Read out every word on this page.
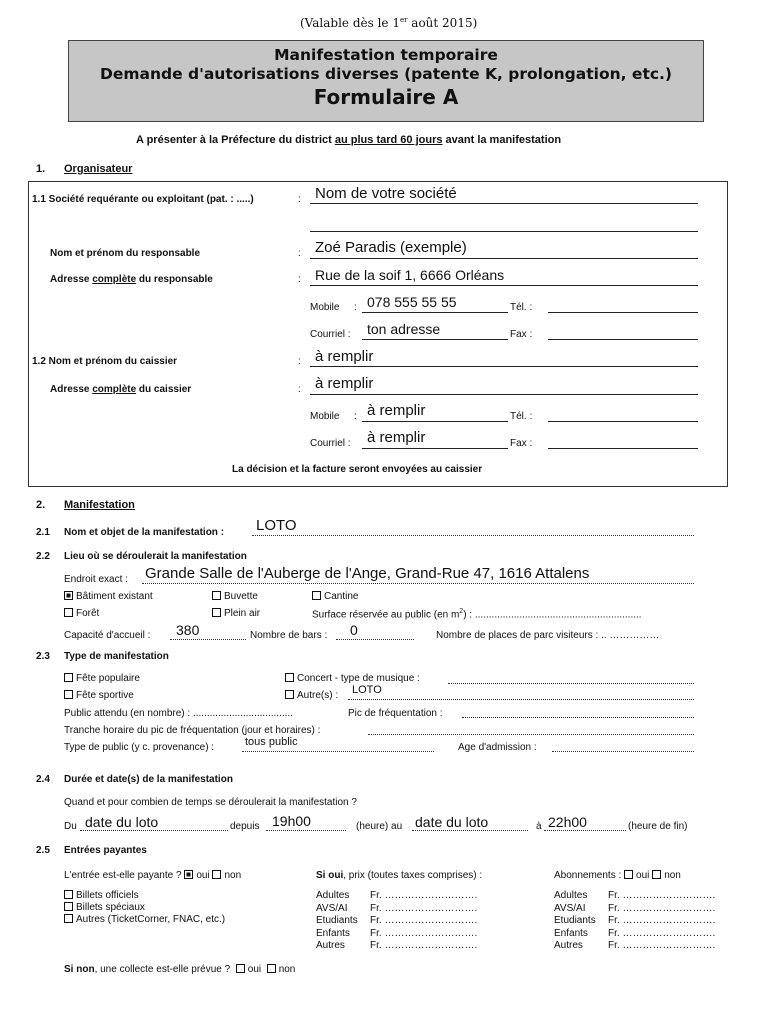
(Valable dès le 1er août 2015)
Manifestation temporaire
Demande d'autorisations diverses (patente K, prolongation, etc.)
Formulaire A
A présenter à la Préfecture du district au plus tard 60 jours avant la manifestation
1. Organisateur
1.1 Société requérante ou exploitant (pat. : .....)	: Nom de votre société
Nom et prénom du responsable	: Zoé Paradis (exemple)
Adresse complète du responsable	: Rue de la soif 1, 6666 Orléans
Mobile : 078 555 55 55	Tél. :
Courriel : ton adresse	Fax :
1.2 Nom et prénom du caissier	: à remplir
Adresse complète du caissier	: à remplir
Mobile : à remplir	Tél. :
Courriel : à remplir	Fax :
La décision et la facture seront envoyées au caissier
2. Manifestation
2.1 Nom et objet de la manifestation : LOTO
2.2 Lieu où se déroulerait la manifestation
Endroit exact : Grande Salle de l'Auberge de l'Ange, Grand-Rue 47, 1616 Attalens
Bâtiment existant	Buvette	Cantine
Forêt	Plein air	Surface réservée au public (en $m^2$) : ............................................................
Capacité d'accueil : 380	Nombre de bars : 0	Nombre de places de parc visiteurs : .. ……………
2.3 Type de manifestation
Fête populaire	Concert - type de musique :
Fête sportive	Autre(s) : LOTO
Public attendu (en nombre) : ....................................	Pic de fréquentation :
Tranche horaire du pic de fréquentation (jour et horaires) :
Type de public (y c. provenance) :	tous public	Age d'admission :
2.4 Durée et date(s) de la manifestation
Quand et pour combien de temps se déroulerait la manifestation ?
Du date du loto	depuis 19h00	(heure) au date du loto	à 22h00	(heure de fin)
2.5 Entrées payantes
L'entrée est-elle payante ? oui non	Si oui, prix (toutes taxes comprises) :	Abonnements : oui non
Billets officiels
Billets spéciaux
Autres (TicketCorner, FNAC, etc.)
Adultes Fr. ……………………….
AVS/AI Fr. ……………………….
Etudiants Fr. ……………………….
Enfants Fr. ……………………….
Autres	Fr. ……………………….
Adultes Fr. ……………………….
AVS/AI Fr. ……………………….
Etudiants Fr. ……………………….
Enfants Fr. ……………………….
Autres	Fr. ……………………….
Si non, une collecte est-elle prévue ? oui non
